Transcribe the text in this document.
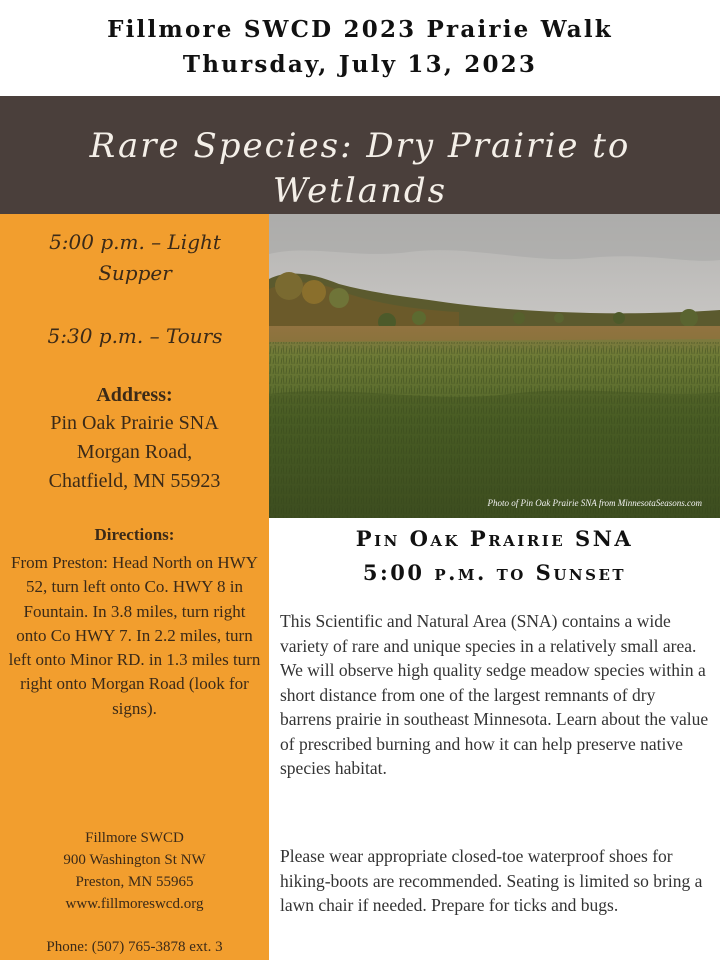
Fillmore SWCD 2023 Prairie Walk
Thursday, July 13, 2023
Rare Species: Dry Prairie to Wetlands
5:00 p.m. – Light Supper
5:30 p.m. – Tours
Address:
Pin Oak Prairie SNA
Morgan Road,
Chatfield, MN 55923
Directions:
From Preston: Head North on HWY 52, turn left onto Co. HWY 8 in Fountain. In 3.8 miles, turn right onto Co HWY 7. In 2.2 miles, turn left onto Minor RD. in 1.3 miles turn right onto Morgan Road (look for signs).
Fillmore SWCD
900 Washington St NW
Preston, MN 55965
www.fillmoreswcd.org
Phone: (507) 765-3878 ext. 3
Photo of Pin Oak Prairie SNA from MinnesotaSeasons.com
Pin Oak Prairie SNA
5:00 p.m. to Sunset
This Scientific and Natural Area (SNA) contains a wide variety of rare and unique species in a relatively small area. We will observe high quality sedge meadow species within a short distance from one of the largest remnants of dry barrens prairie in southeast Minnesota. Learn about the value of prescribed burning and how it can help preserve native species habitat.
Please wear appropriate closed-toe waterproof shoes for hiking-boots are recommended. Seating is limited so bring a lawn chair if needed. Prepare for ticks and bugs.
